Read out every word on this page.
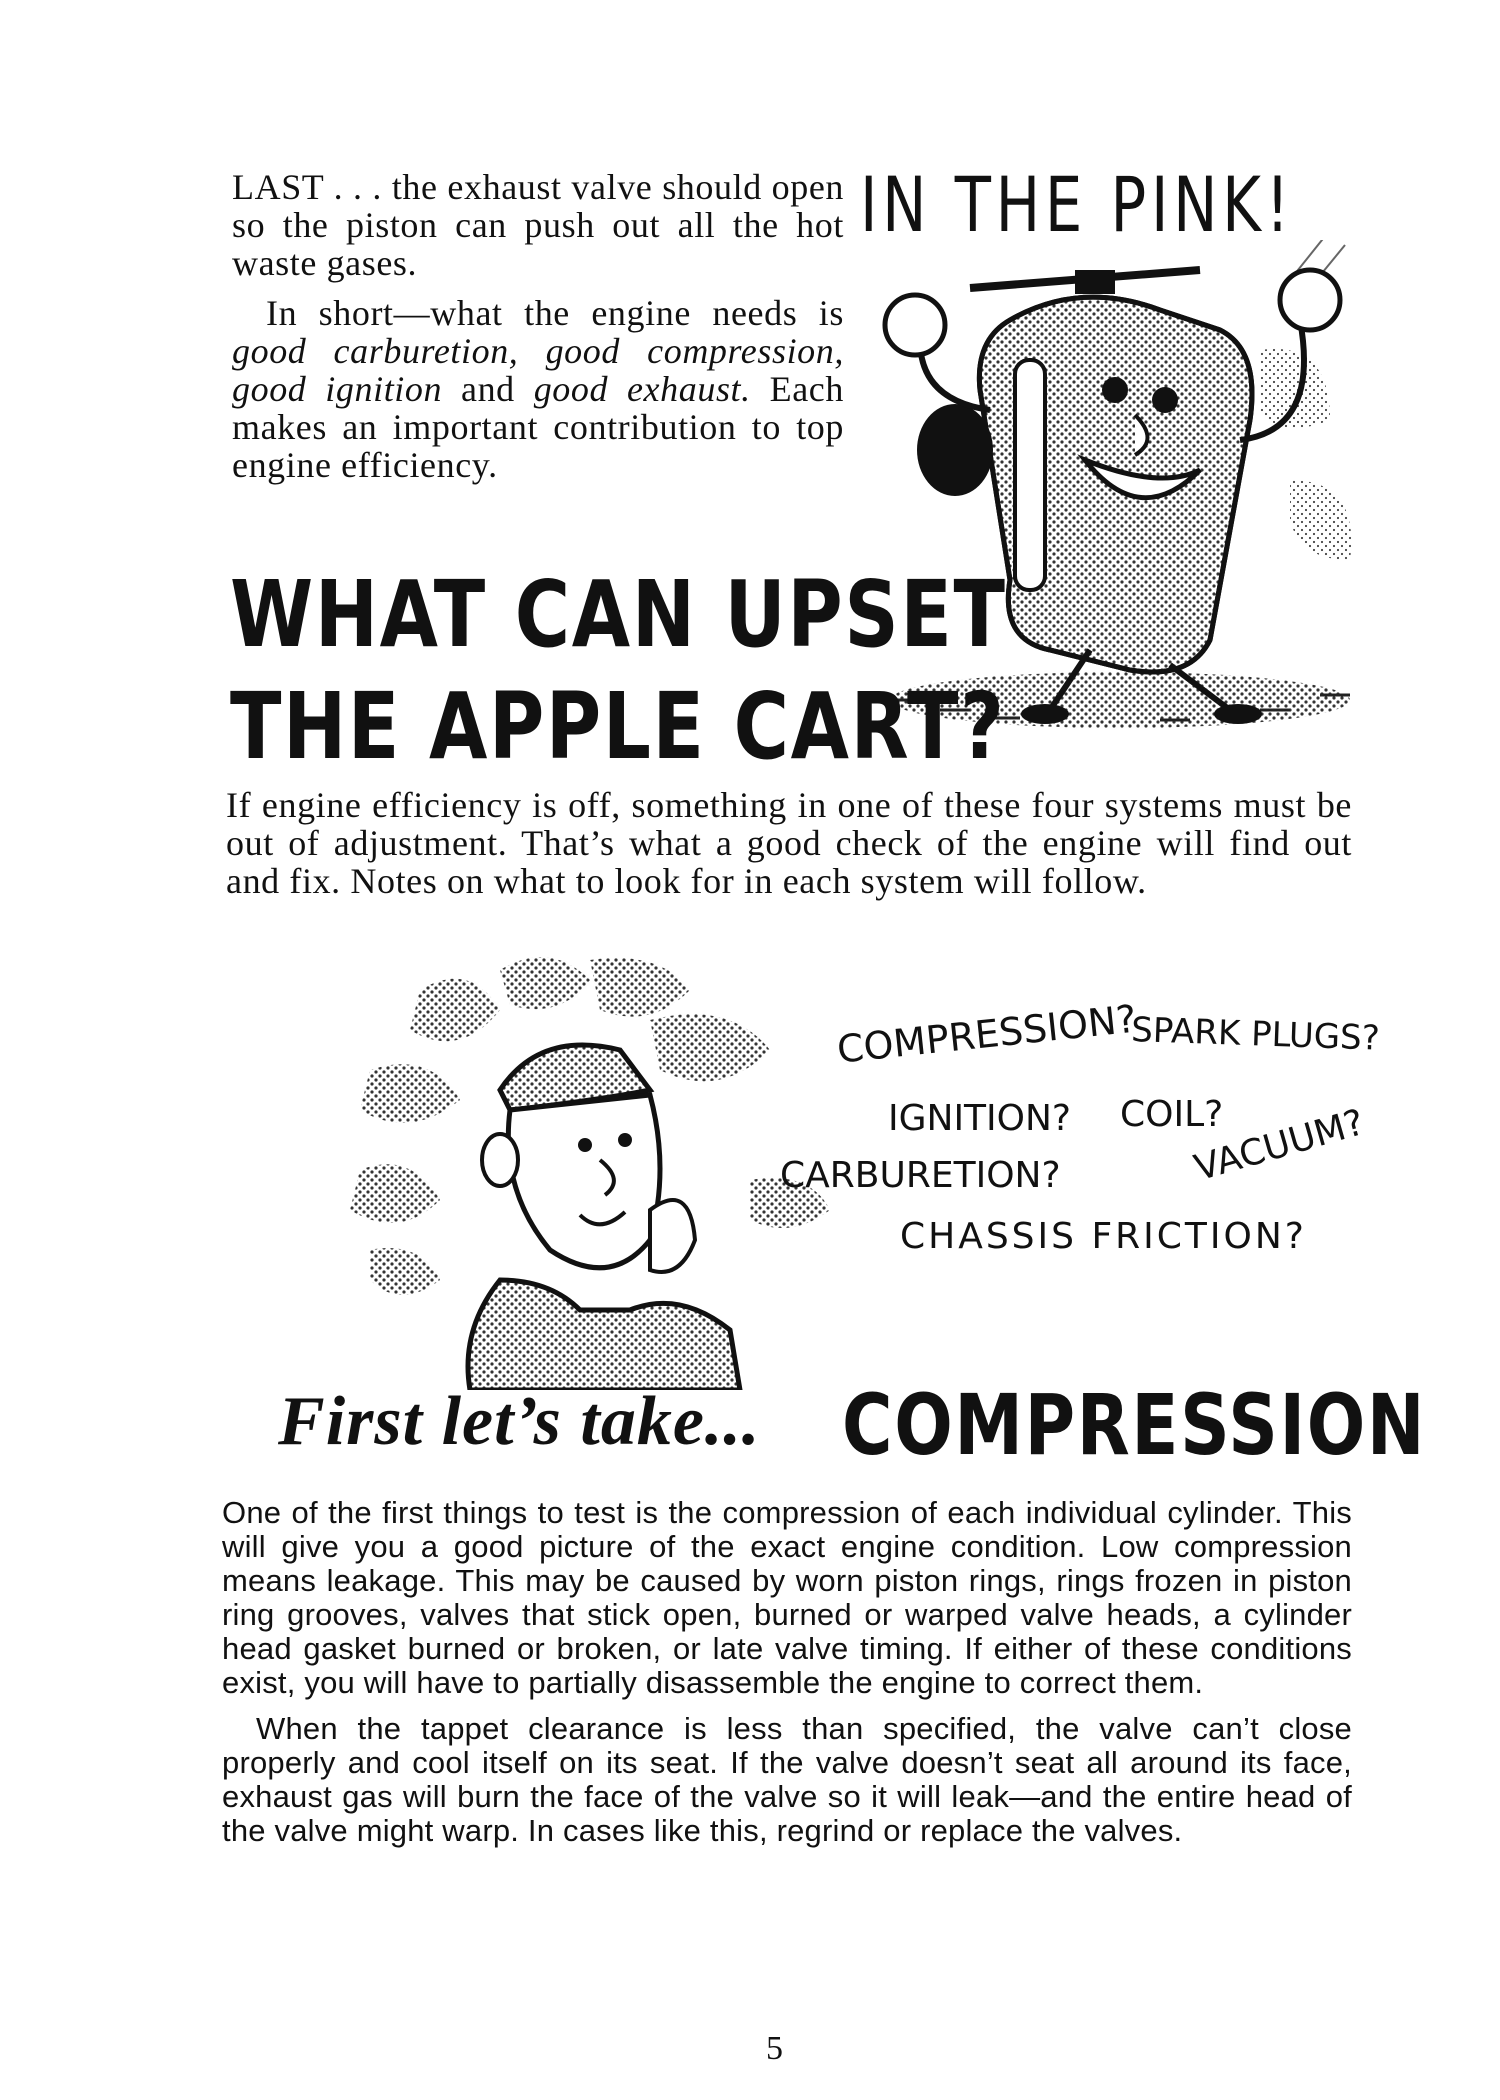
LAST . . . the exhaust valve should open so the piston can push out all the hot waste gases.

In short—what the engine needs is good carburetion, good compression, good ignition and good exhaust. Each makes an important contribution to top engine efficiency.

IN THE PINK!
WHAT CAN UPSET
THE APPLE CART?
If engine efficiency is off, something in one of these four systems must be out of adjustment. That’s what a good check of the engine will find out and fix. Notes on what to look for in each system will follow.
COMPRESSION?
SPARK PLUGS?
IGNITION? COIL?
VACUUM?
CARBURETION?
CHASSIS FRICTION?
First let’s take... COMPRESSION

One of the first things to test is the compression of each individual cylinder. This will give you a good picture of the exact engine condition. Low compression means leakage. This may be caused by worn piston rings, rings frozen in piston ring grooves, valves that stick open, burned or warped valve heads, a cylinder head gasket burned or broken, or late valve timing. If either of these conditions exist, you will have to partially disassemble the engine to correct them.

When the tappet clearance is less than specified, the valve can’t close properly and cool itself on its seat. If the valve doesn’t seat all around its face, exhaust gas will burn the face of the valve so it will leak—and the entire head of the valve might warp. In cases like this, regrind or replace the valves.

5
